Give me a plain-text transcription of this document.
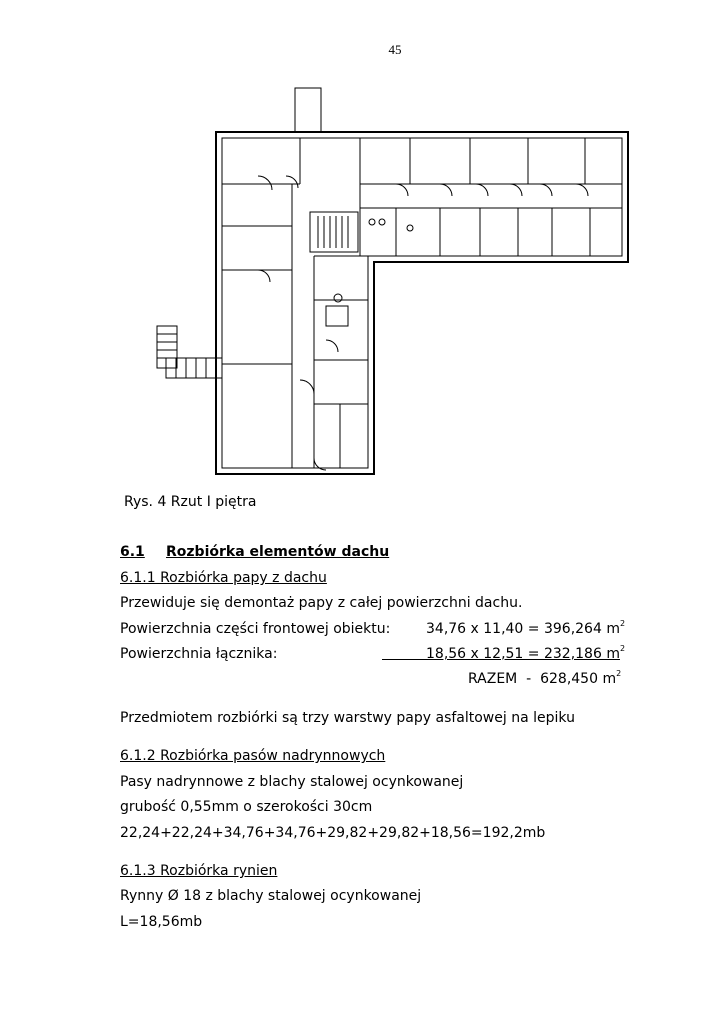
45
Rys. 4 Rzut I piętra
6.1 Rozbiórka elementów dachu
6.1.1 Rozbiórka papy z dachu
Przewiduje się demontaż papy z całej powierzchni dachu.
Powierzchnia części frontowej obiektu:	34,76 x 11,40 = 396,264 $m^2$
Powierzchnia łącznika:	18,56 x 12,51 = 232,186 $m^2$
RAZEM  -  628,450 $m^2$
Przedmiotem rozbiórki są trzy warstwy papy asfaltowej na lepiku
6.1.2 Rozbiórka pasów nadrynnowych
Pasy nadrynnowe z blachy stalowej ocynkowanej
grubość 0,55mm o szerokości 30cm
22,24+22,24+34,76+34,76+29,82+29,82+18,56=192,2mb
6.1.3 Rozbiórka rynien
Rynny Ø 18 z blachy stalowej ocynkowanej
L=18,56mb
